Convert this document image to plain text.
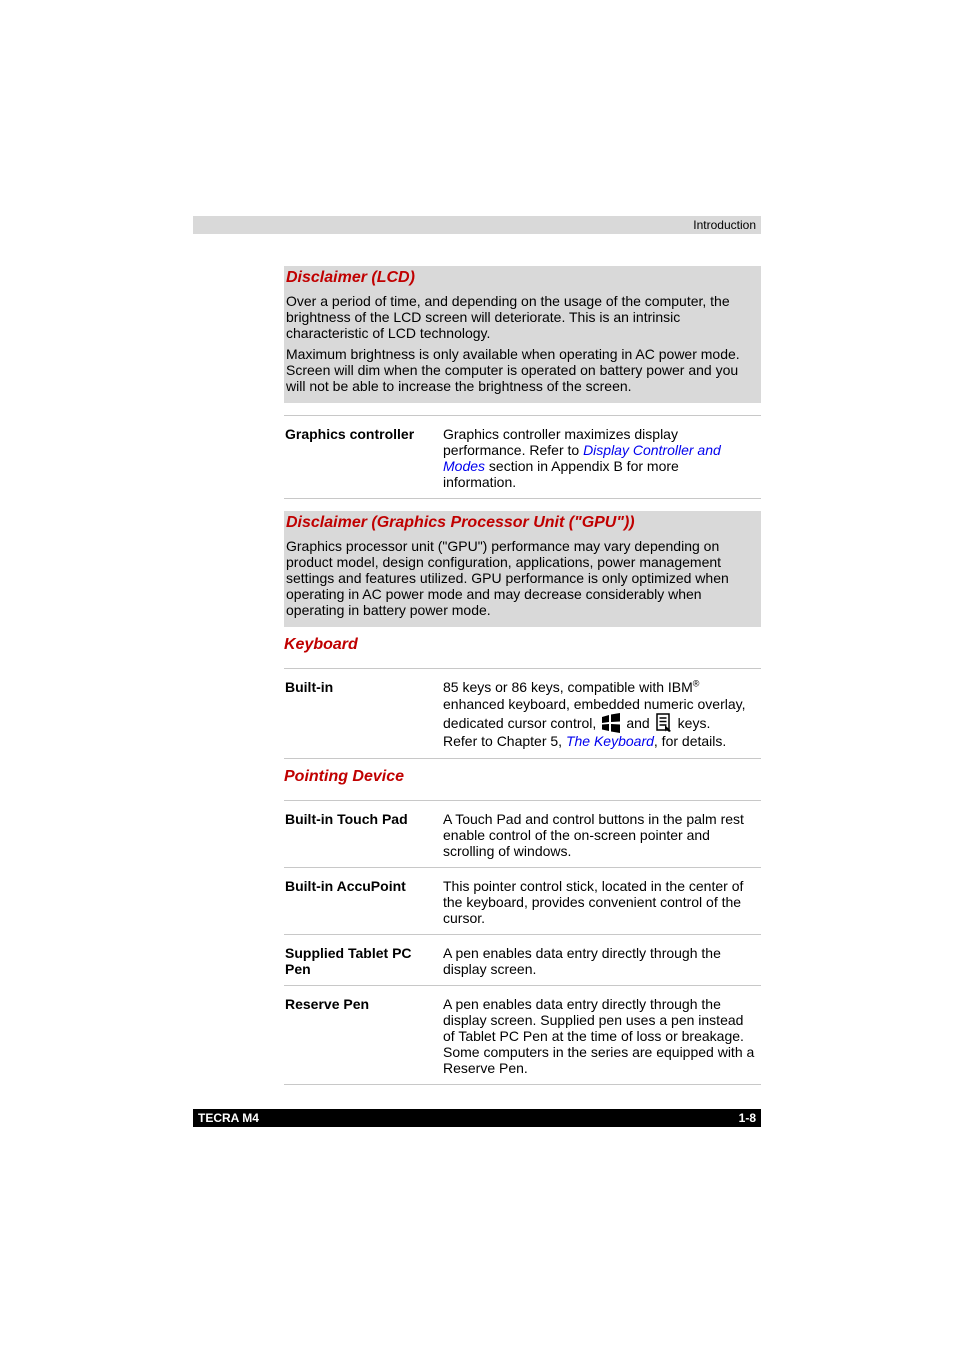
Introduction
Disclaimer (LCD)

Over a period of time, and depending on the usage of the computer, the brightness of the LCD screen will deteriorate. This is an intrinsic characteristic of LCD technology.

Maximum brightness is only available when operating in AC power mode. Screen will dim when the computer is operated on battery power and you will not be able to increase the brightness of the screen.

Graphics controller	Graphics controller maximizes display performance. Refer to Display Controller and Modes section in Appendix B for more information.
Disclaimer (Graphics Processor Unit ("GPU"))

Graphics processor unit ("GPU") performance may vary depending on product model, design configuration, applications, power management settings and features utilized. GPU performance is only optimized when operating in AC power mode and may decrease considerably when operating in battery power mode.

Keyboard
Built-in	85 keys or 86 keys, compatible with IBM® enhanced keyboard, embedded numeric overlay, dedicated cursor control, and keys.
Refer to Chapter 5, The Keyboard, for details.
Pointing Device
Built-in Touch Pad	A Touch Pad and control buttons in the palm rest enable control of the on-screen pointer and scrolling of windows.
Built-in AccuPoint	This pointer control stick, located in the center of the keyboard, provides convenient control of the cursor.
Supplied Tablet PC Pen	A pen enables data entry directly through the display screen.
Reserve Pen	A pen enables data entry directly through the display screen. Supplied pen uses a pen instead of Tablet PC Pen at the time of loss or breakage. Some computers in the series are equipped with a Reserve Pen.
TECRA M4	1-8
